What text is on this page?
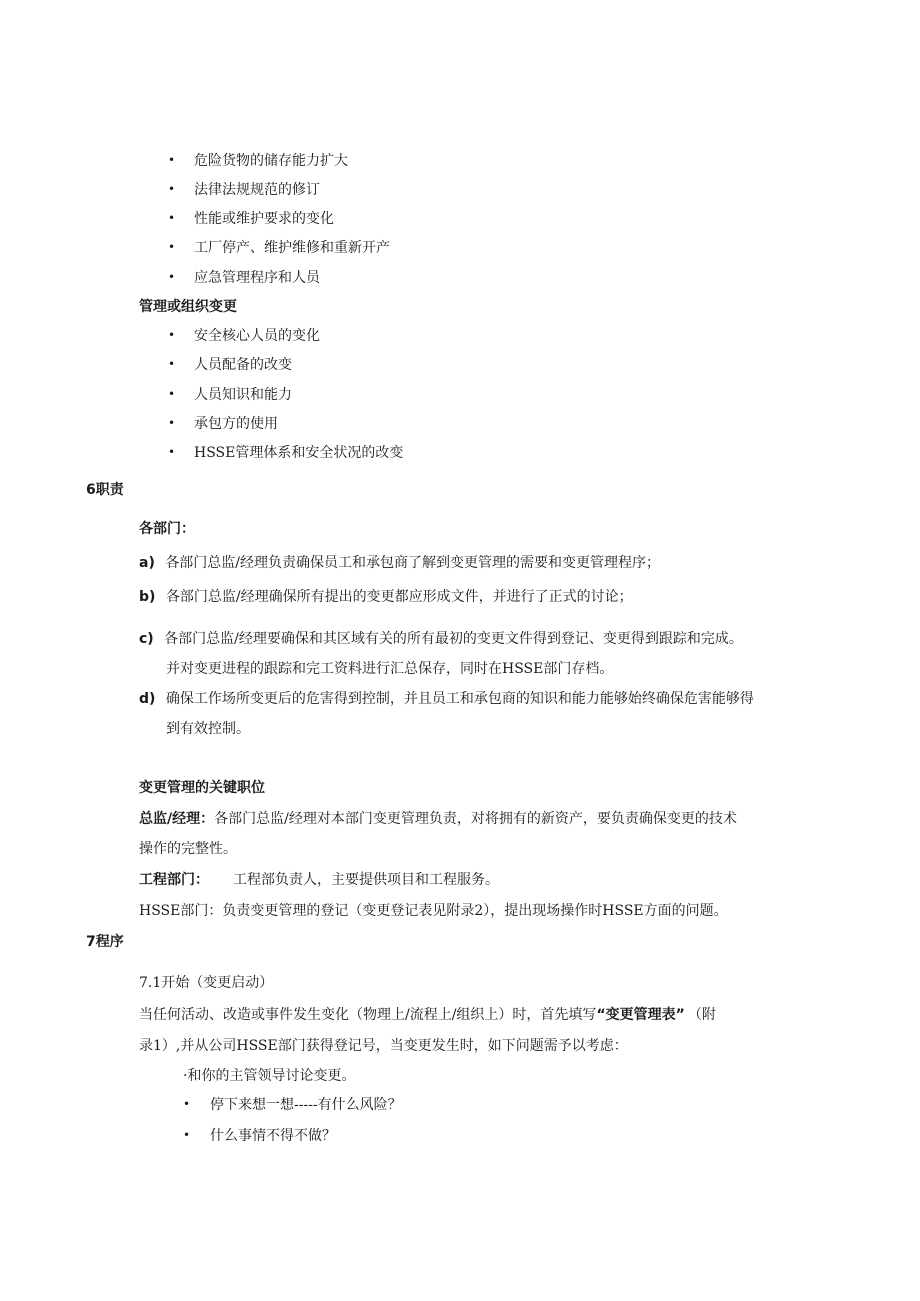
• 危险货物的储存能力扩大
• 法律法规规范的修订
• 性能或维护要求的变化
• 工厂停产、维护维修和重新开产
• 应急管理程序和人员
管理或组织变更
• 安全核心人员的变化
• 人员配备的改变
• 人员知识和能力
• 承包方的使用
• HSSE管理体系和安全状况的改变
6职责
各部门：
a) 各部门总监/经理负责确保员工和承包商了解到变更管理的需要和变更管理程序；
b) 各部门总监/经理确保所有提出的变更都应形成文件，并进行了正式的讨论；
c) 各部门总监/经理要确保和其区域有关的所有最初的变更文件得到登记、变更得到跟踪和完成。
并对变更进程的跟踪和完工资料进行汇总保存，同时在HSSE部门存档。
d) 确保工作场所变更后的危害得到控制，并且员工和承包商的知识和能力能够始终确保危害能够得
到有效控制。
变更管理的关键职位
总监/经理：各部门总监/经理对本部门变更管理负责，对将拥有的新资产，要负责确保变更的技术
操作的完整性。
工程部门： 工程部负责人，主要提供项目和工程服务。
HSSE部门：负责变更管理的登记（变更登记表见附录2），提出现场操作时HSSE方面的问题。
7程序
7.1开始（变更启动）
当任何活动、改造或事件发生变化（物理上/流程上/组织上）时，首先填写“变更管理表” （附
录1）,并从公司HSSE部门获得登记号，当变更发生时，如下问题需予以考虑：
·和你的主管领导讨论变更。
• 停下来想一想-----有什么风险？
• 什么事情不得不做？
